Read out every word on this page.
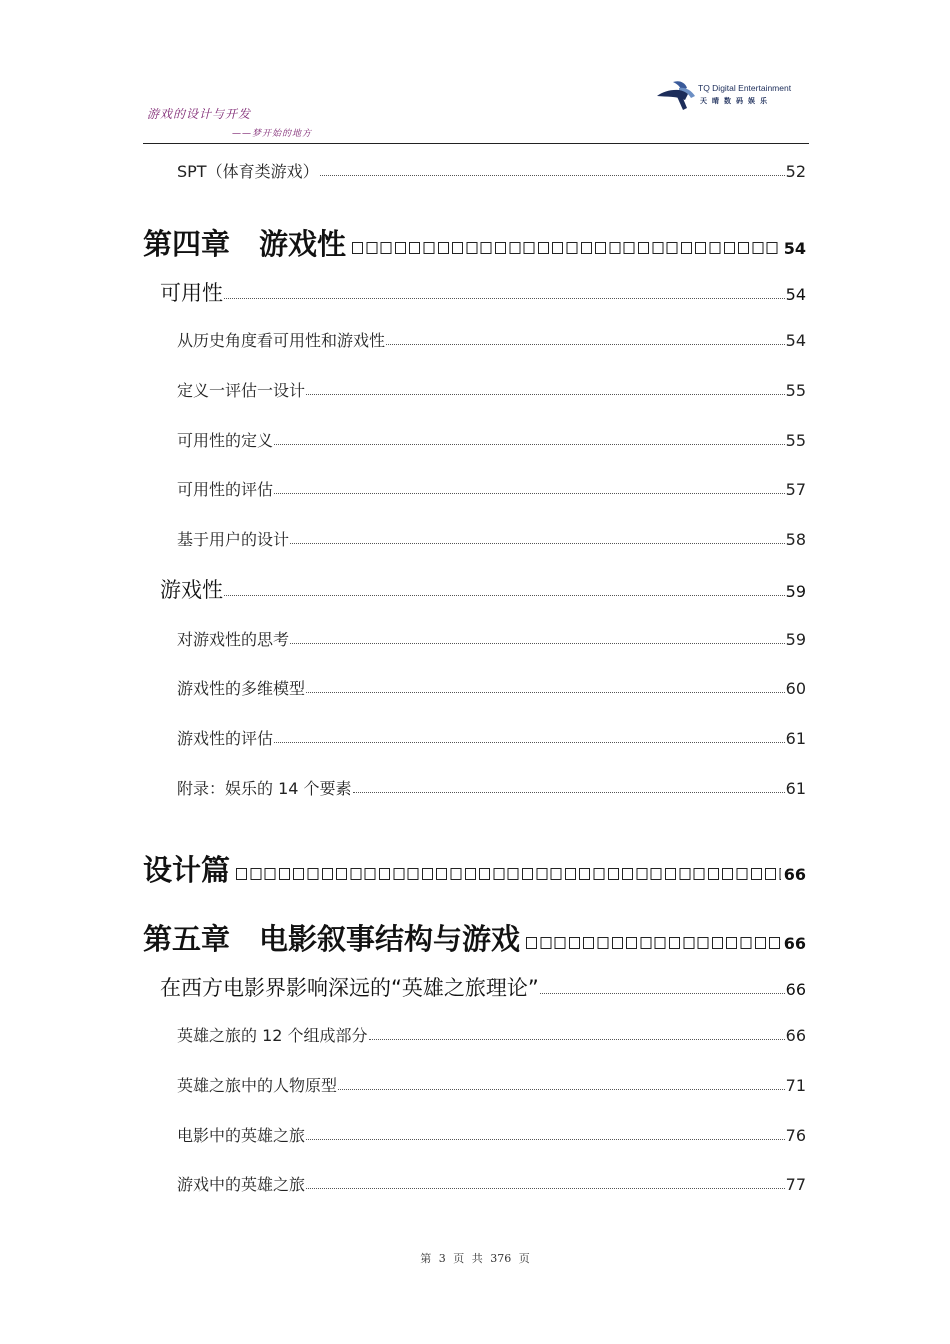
游戏的设计与开发
——梦开始的地方
TQ Digital Entertainment
天晴数码娱乐
SPT（体育类游戏）	52
第四章　游戏性	54
可用性	54
从历史角度看可用性和游戏性	54
定义一评估一设计	55
可用性的定义	55
可用性的评估	57
基于用户的设计	58
游戏性	59
对游戏性的思考	59
游戏性的多维模型	60
游戏性的评估	61
附录：娱乐的 14 个要素	61
设计篇	66
第五章　电影叙事结构与游戏	66
在西方电影界影响深远的“英雄之旅理论”	66
英雄之旅的 12 个组成部分	66
英雄之旅中的人物原型	71
电影中的英雄之旅	76
游戏中的英雄之旅	77
第 3 页 共 376 页
